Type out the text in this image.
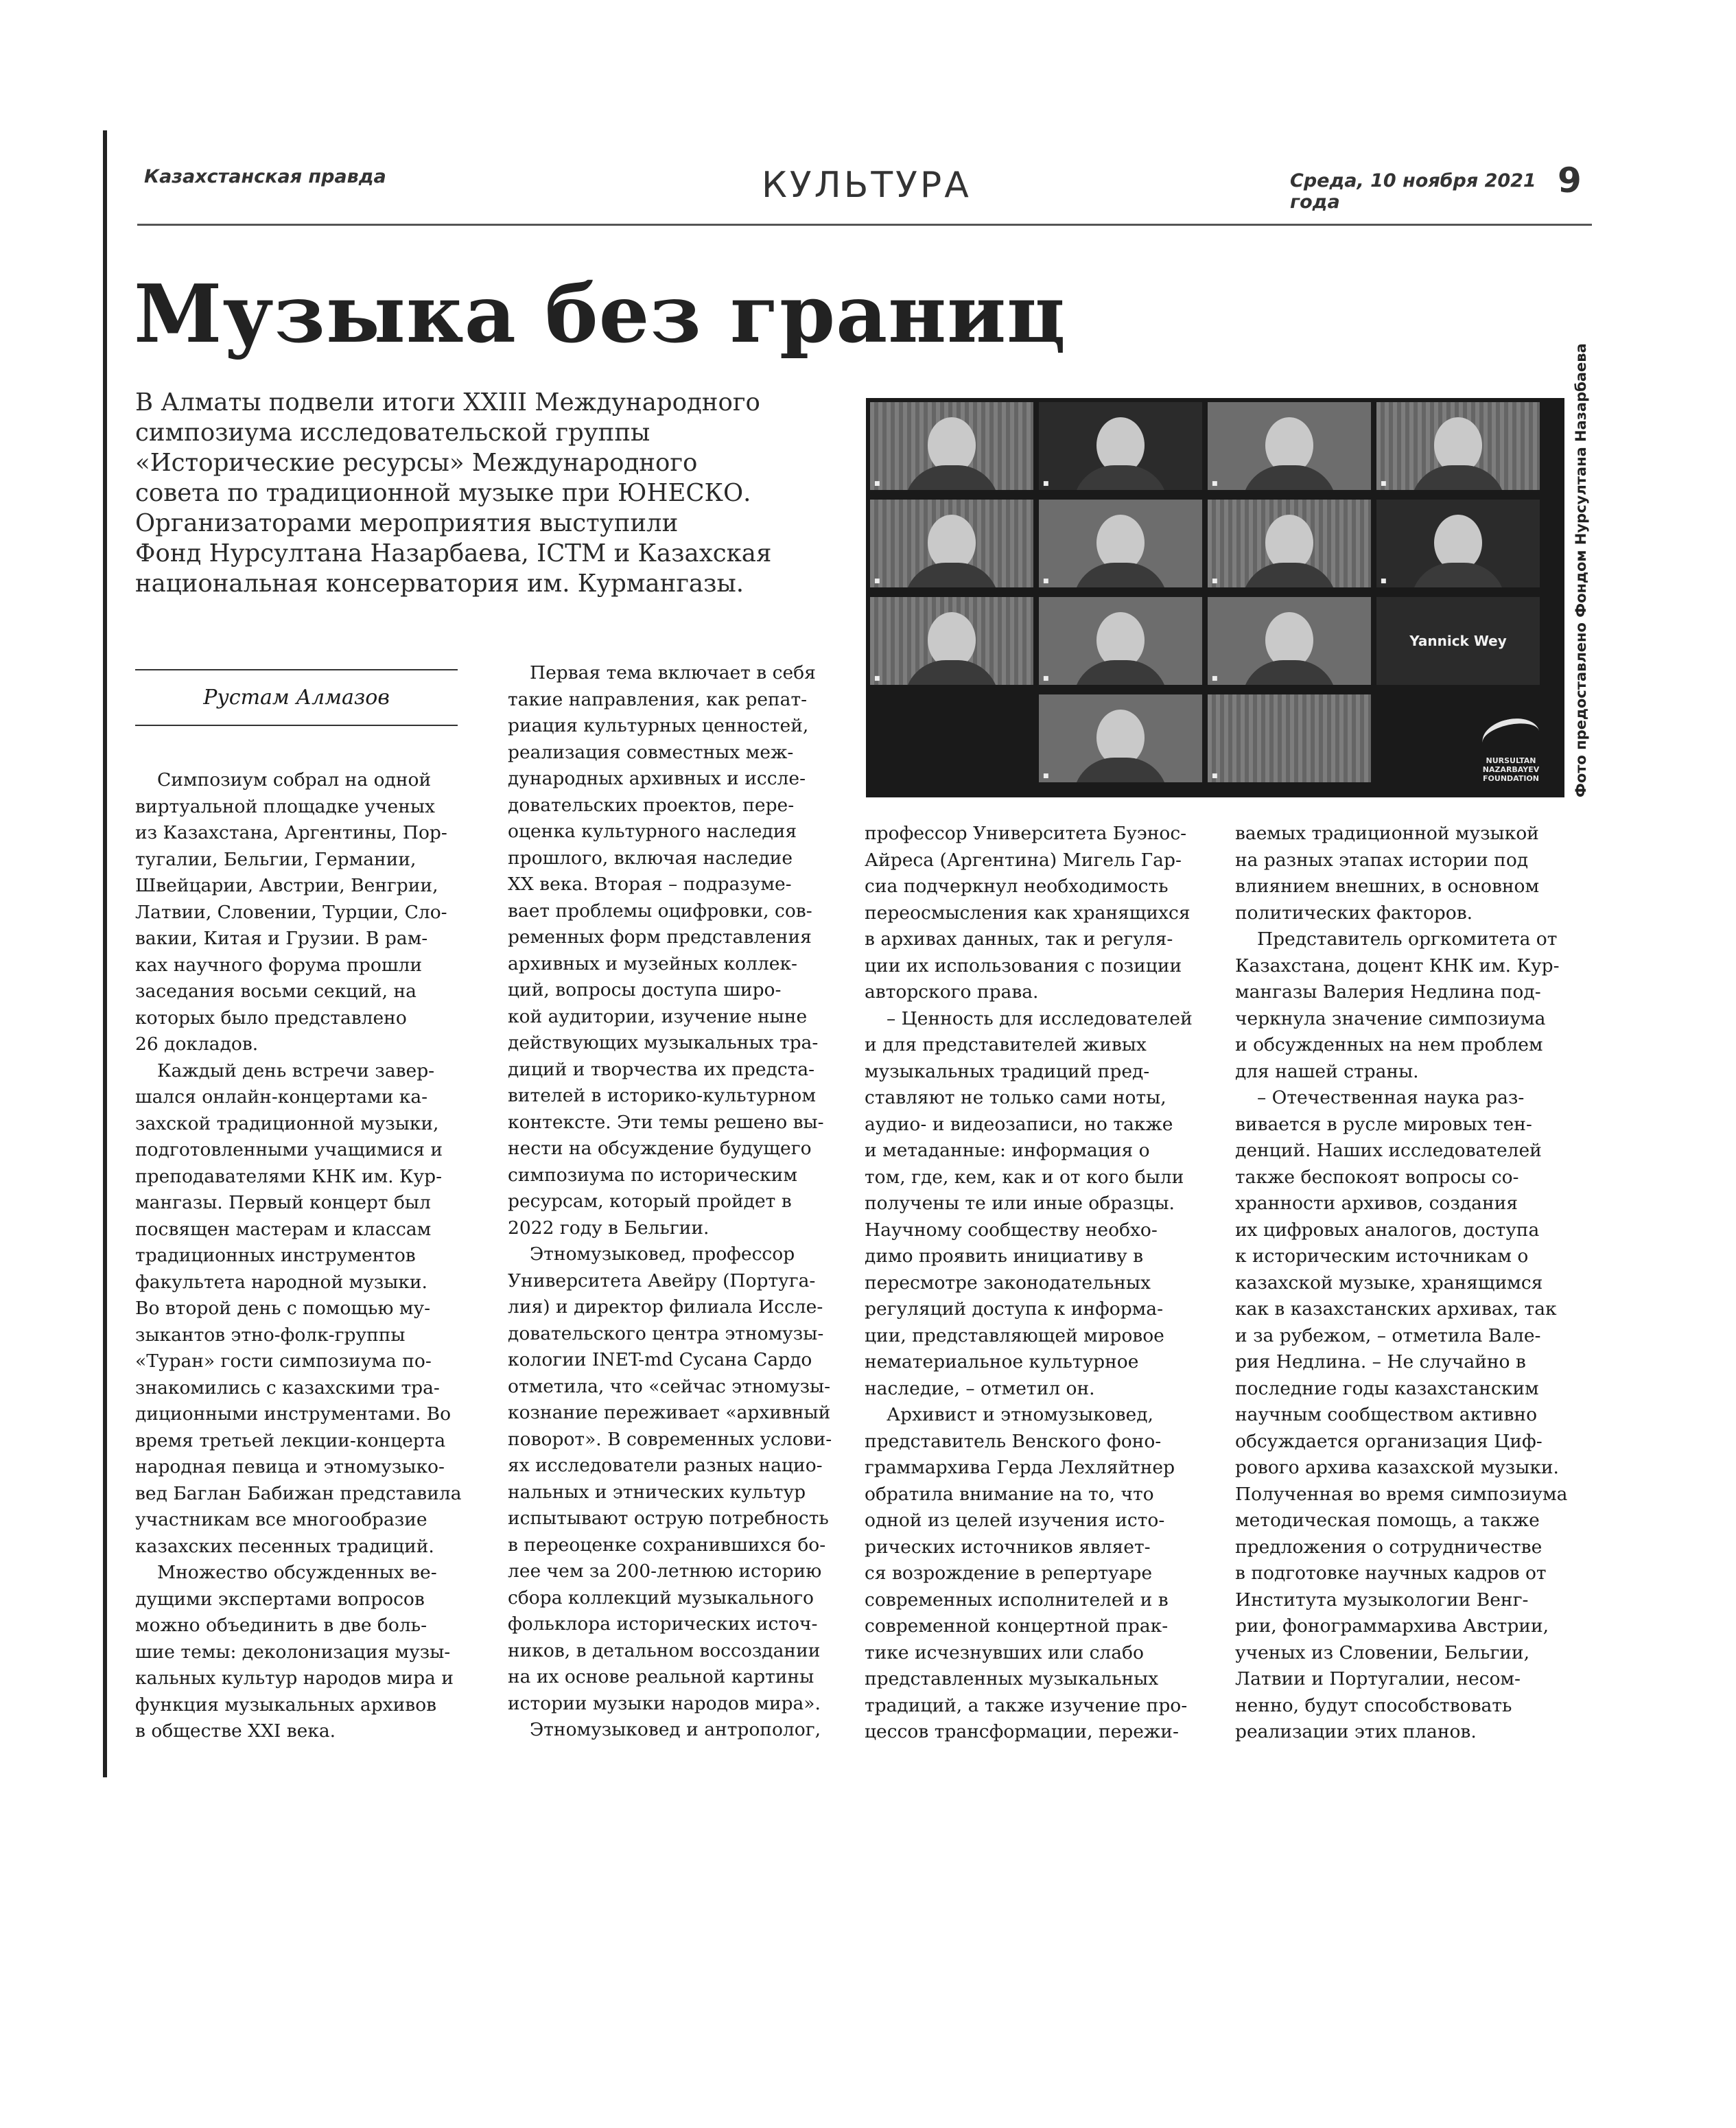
Казахстанская правда	КУЛЬТУРА	Среда, 10 ноября 2021 года
9
Музыка без границ

В Алматы подвели итоги XXIII Международного

симпозиума исследовательской группы

«Исторические ресурсы» Международного

совета по традиционной музыке при ЮНЕСКО.

Организаторами мероприятия выступили

Фонд Нурсултана Назарбаева, ICTM и Казахская

национальная консерватория им. Курмангазы.

Рустам Алмазов
■	■	■	■
■	■	■	■
■	■	■
Yannick Wey
■	■
NURSULTAN
NAZARBAYEV
FOUNDATION	Фото предоставлено Фондом Нурсултана Назарбаева

Симпозиум собрал на одной

виртуальной площадке ученых

из Казахстана, Аргентины, Пор-

тугалии, Бельгии, Германии,

Швейцарии, Австрии, Венгрии,

Латвии, Словении, Турции, Сло-

вакии, Китая и Грузии. В рам-

ках научного форума прошли

заседания восьми секций, на

которых было представлено

26 докладов.

Каждый день встречи завер-

шался онлайн-концертами ка-

захской традиционной музыки,

подготовленными учащимися и

преподавателями КНК им. Кур-

мангазы. Первый концерт был

посвящен мастерам и классам

традиционных инструментов

факультета народной музыки.

Во второй день с помощью му-

зыкантов этно-фолк-группы

«Туран» гости симпозиума по-

знакомились с казахскими тра-

диционными инструментами. Во

время третьей лекции-концерта

народная певица и этномузыко-

вед Баглан Бабижан представила

участникам все многообразие

казахских песенных традиций.

Множество обсужденных ве-

дущими экспертами вопросов

можно объединить в две боль-

шие темы: деколонизация музы-

кальных культур народов мира и

функция музыкальных архивов

в обществе XXI века.

Первая тема включает в себя

такие направления, как репат-

риация культурных ценностей,

реализация совместных меж-

дународных архивных и иссле-

довательских проектов, пере-

оценка культурного наследия

прошлого, включая наследие

XX века. Вторая – подразуме-

вает проблемы оцифровки, сов-

ременных форм представления

архивных и музейных коллек-

ций, вопросы доступа широ-

кой аудитории, изучение ныне

действующих музыкальных тра-

диций и творчества их предста-

вителей в историко-культурном

контексте. Эти темы решено вы-

нести на обсуждение будущего

симпозиума по историческим

ресурсам, который пройдет в

2022 году в Бельгии.

Этномузыковед, профессор

Университета Авейру (Португа-

лия) и директор филиала Иссле-

довательского центра этномузы-

кологии INET-md Сусана Сардо

отметила, что «сейчас этномузы-

кознание переживает «архивный

поворот». В современных услови-

ях исследователи разных нацио-

нальных и этнических культур

испытывают острую потребность

в переоценке сохранившихся бо-

лее чем за 200-летнюю историю

сбора коллекций музыкального

фольклора исторических источ-

ников, в детальном воссоздании

на их основе реальной картины

истории музыки народов мира».

Этномузыковед и антрополог,

профессор Университета Буэнос-

Айреса (Аргентина) Мигель Гар-

сиа подчеркнул необходимость

переосмысления как хранящихся

в архивах данных, так и регуля-

ции их использования с позиции

авторского права.

– Ценность для исследователей

и для представителей живых

музыкальных традиций пред-

ставляют не только сами ноты,

аудио- и видеозаписи, но также

и метаданные: информация о

том, где, кем, как и от кого были

получены те или иные образцы.

Научному сообществу необхо-

димо проявить инициативу в

пересмотре законодательных

регуляций доступа к информа-

ции, представляющей мировое

нематериальное культурное

наследие, – отметил он.

Архивист и этномузыковед,

представитель Венского фоно-

граммархива Герда Лехляйтнер

обратила внимание на то, что

одной из целей изучения исто-

рических источников являет-

ся возрождение в репертуаре

современных исполнителей и в

современной концертной прак-

тике исчезнувших или слабо

представленных музыкальных

традиций, а также изучение про-

цессов трансформации, пережи-

ваемых традиционной музыкой

на разных этапах истории под

влиянием внешних, в основном

политических факторов.

Представитель оргкомитета от

Казахстана, доцент КНК им. Кур-

мангазы Валерия Недлина под-

черкнула значение симпозиума

и обсужденных на нем проблем

для нашей страны.

– Отечественная наука раз-

вивается в русле мировых тен-

денций. Наших исследователей

также беспокоят вопросы со-

хранности архивов, создания

их цифровых аналогов, доступа

к историческим источникам о

казахской музыке, хранящимся

как в казахстанских архивах, так

и за рубежом, – отметила Вале-

рия Недлина. – Не случайно в

последние годы казахстанским

научным сообществом активно

обсуждается организация Циф-

рового архива казахской музыки.

Полученная во время симпозиума

методическая помощь, а также

предложения о сотрудничестве

в подготовке научных кадров от

Института музыкологии Венг-

рии, фонограммархива Австрии,

ученых из Словении, Бельгии,

Латвии и Португалии, несом-

ненно, будут способствовать

реализации этих планов.
